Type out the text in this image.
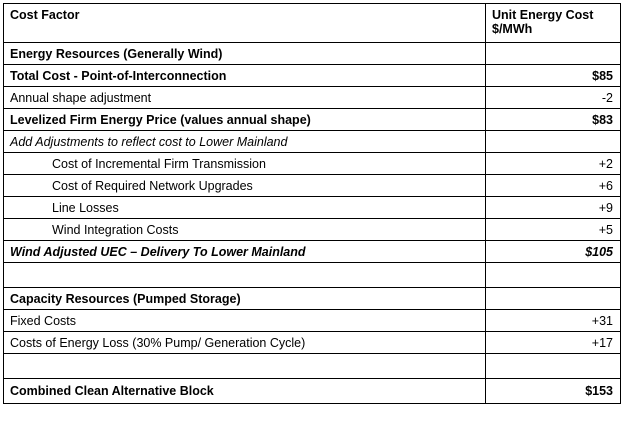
Cost Factor	Unit Energy Cost
$/MWh
Energy Resources (Generally Wind)	
Total Cost - Point-of-Interconnection	$85
Annual shape adjustment	-2
Levelized Firm Energy Price (values annual shape)	$83
Add Adjustments to reflect cost to Lower Mainland	
Cost of Incremental Firm Transmission	+2
Cost of Required Network Upgrades	+6
Line Losses	+9
Wind Integration Costs	+5
Wind Adjusted UEC – Delivery To Lower Mainland	$105

Capacity Resources (Pumped Storage)	
Fixed Costs	+31
Costs of Energy Loss (30% Pump/ Generation Cycle)	+17

Combined Clean Alternative Block	$153
